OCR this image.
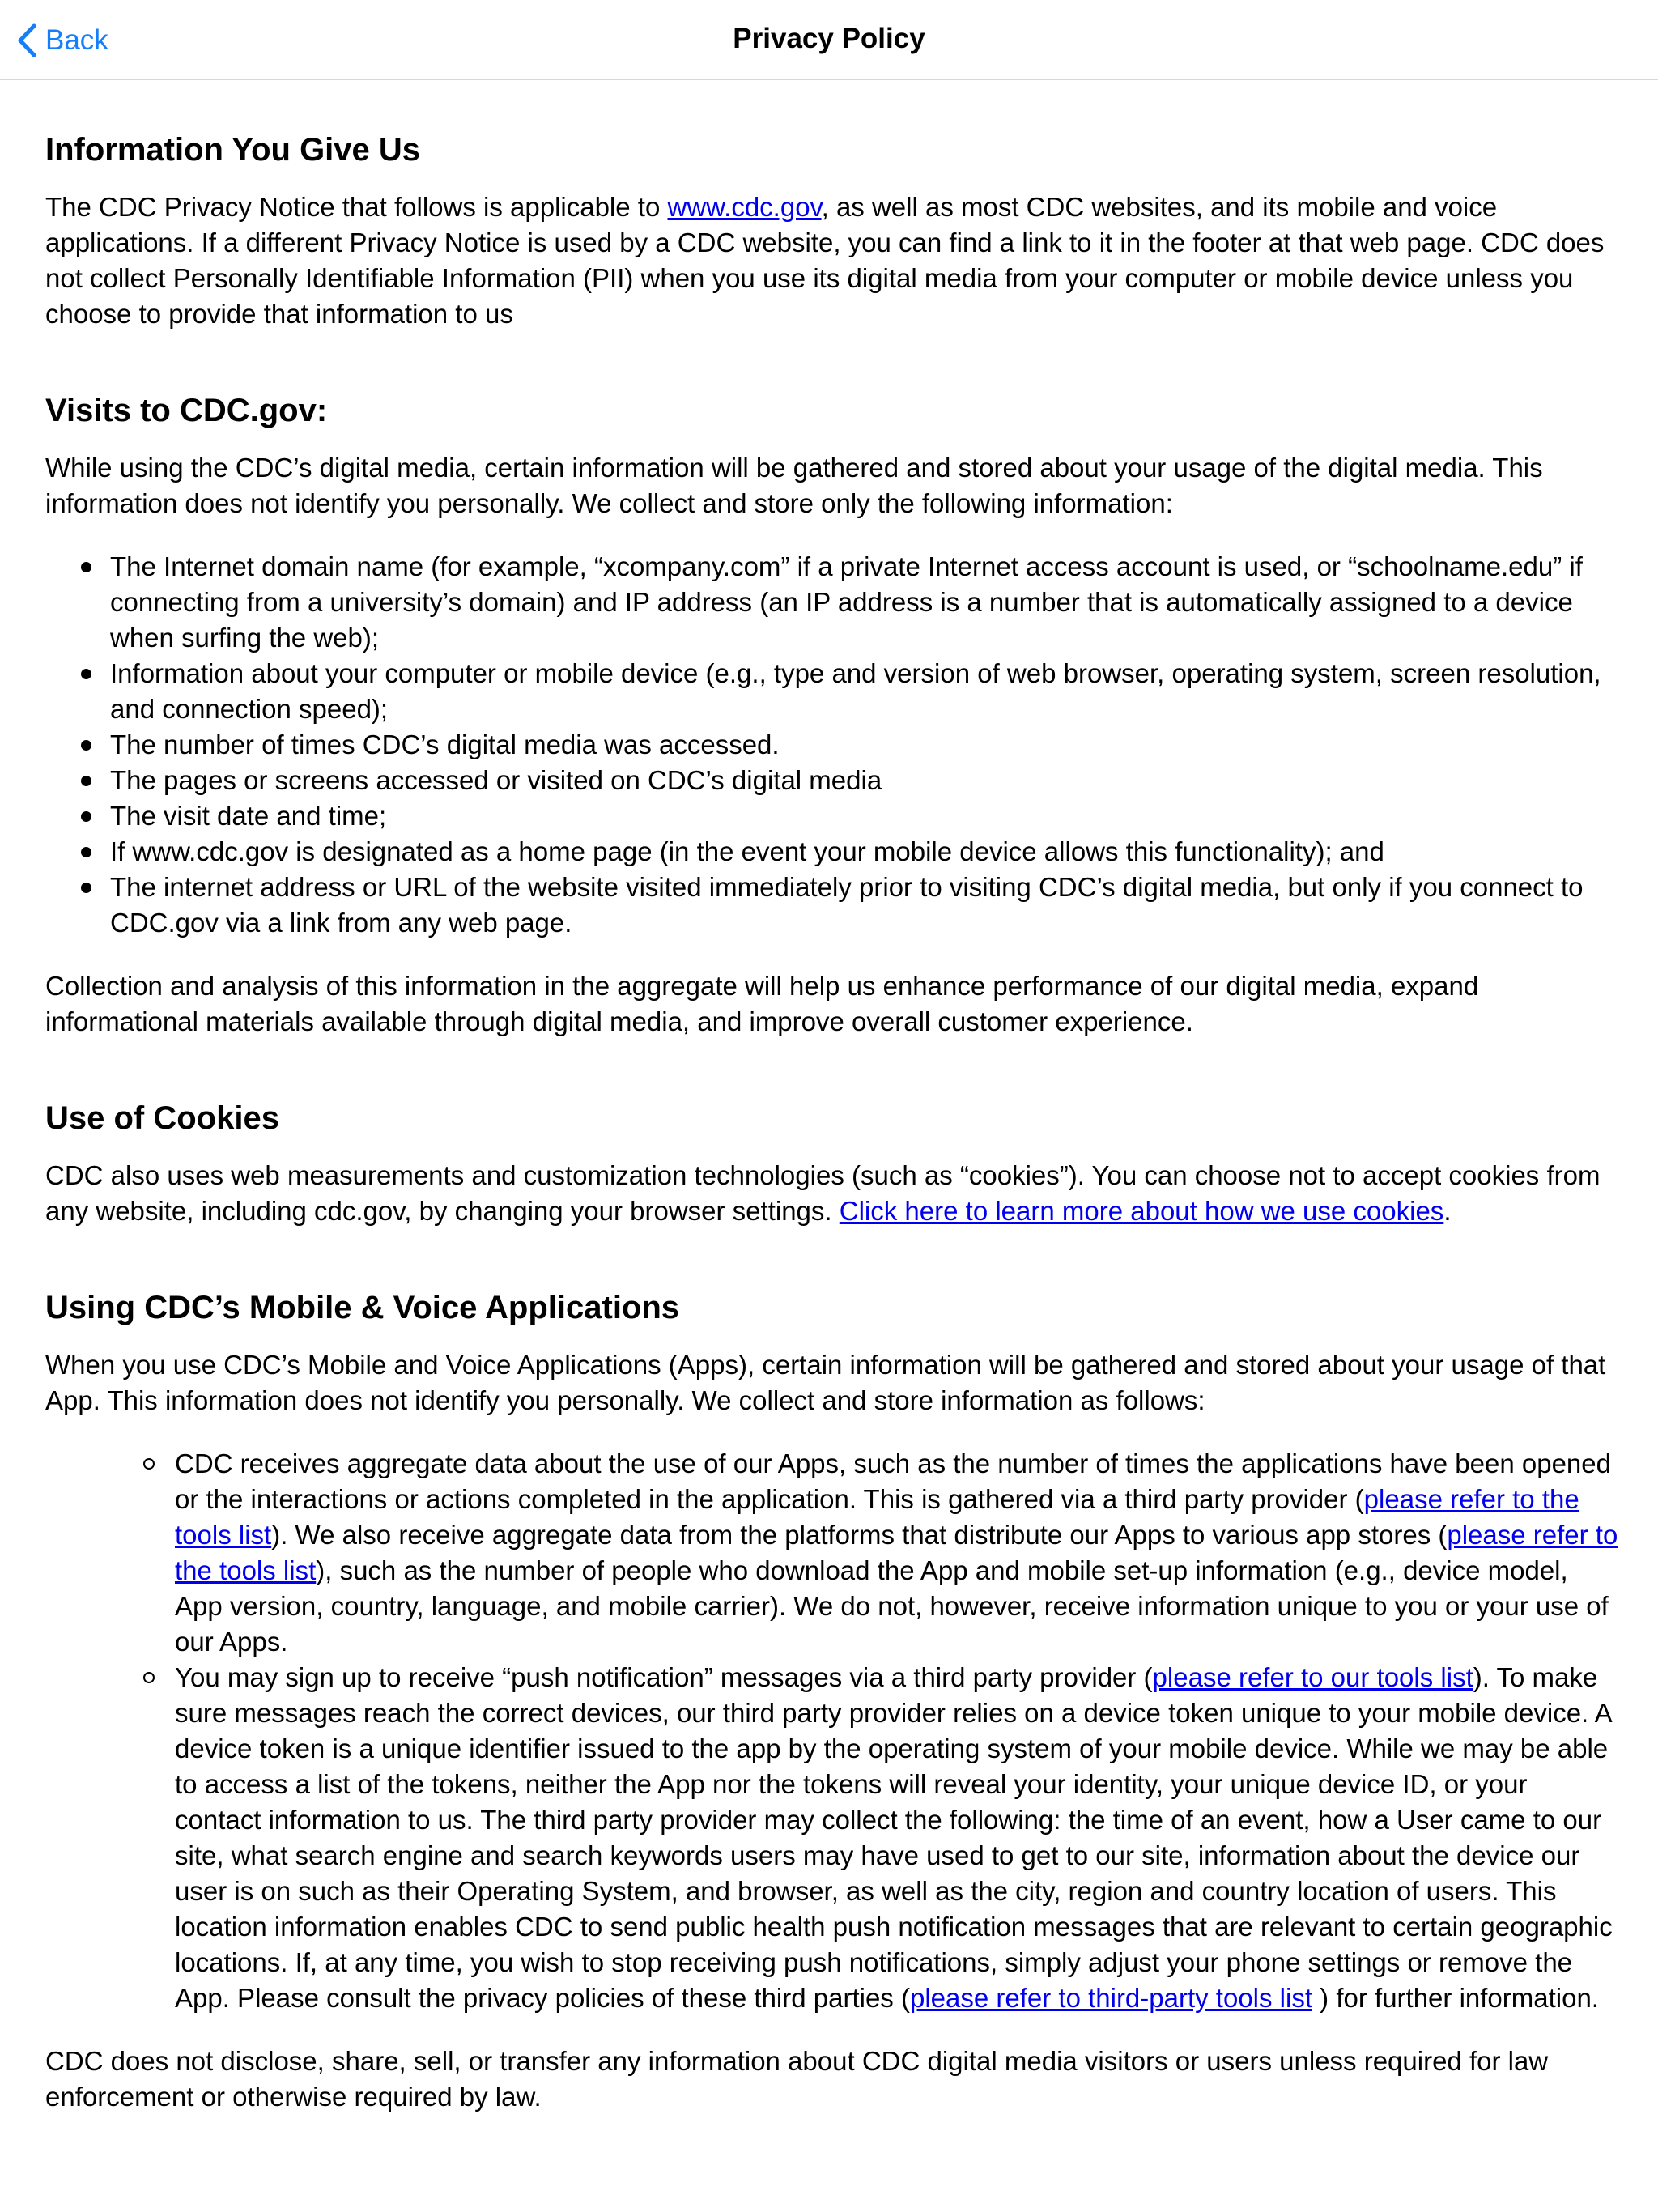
Back	Privacy Policy
Information You Give Us

The CDC Privacy Notice that follows is applicable to www.cdc.gov, as well as most CDC websites, and its mobile and voice applications. If a different Privacy Notice is used by a CDC website, you can find a link to it in the footer at that web page. CDC does not collect Personally Identifiable Information (PII) when you use its digital media from your computer or mobile device unless you choose to provide that information to us

Visits to CDC.gov:

While using the CDC’s digital media, certain information will be gathered and stored about your usage of the digital media. This information does not identify you personally. We collect and store only the following information:

The Internet domain name (for example, “xcompany.com” if a private Internet access account is used, or “schoolname.edu” if connecting from a university’s domain) and IP address (an IP address is a number that is automatically assigned to a device when surfing the web);
Information about your computer or mobile device (e.g., type and version of web browser, operating system, screen resolution, and connection speed);
The number of times CDC’s digital media was accessed.
The pages or screens accessed or visited on CDC’s digital media
The visit date and time;
If www.cdc.gov is designated as a home page (in the event your mobile device allows this functionality); and
The internet address or URL of the website visited immediately prior to visiting CDC’s digital media, but only if you connect to CDC.gov via a link from any web page.

Collection and analysis of this information in the aggregate will help us enhance performance of our digital media, expand informational materials available through digital media, and improve overall customer experience.

Use of Cookies

CDC also uses web measurements and customization technologies (such as “cookies”). You can choose not to accept cookies from any website, including cdc.gov, by changing your browser settings. Click here to learn more about how we use cookies.

Using CDC’s Mobile & Voice Applications

When you use CDC’s Mobile and Voice Applications (Apps), certain information will be gathered and stored about your usage of that App. This information does not identify you personally. We collect and store information as follows:

CDC receives aggregate data about the use of our Apps, such as the number of times the applications have been opened or the interactions or actions completed in the application. This is gathered via a third party provider (please refer to the tools list). We also receive aggregate data from the platforms that distribute our Apps to various app stores (please refer to the tools list), such as the number of people who download the App and mobile set-up information (e.g., device model, App version, country, language, and mobile carrier). We do not, however, receive information unique to you or your use of our Apps.
You may sign up to receive “push notification” messages via a third party provider (please refer to our tools list). To make sure messages reach the correct devices, our third party provider relies on a device token unique to your mobile device. A device token is a unique identifier issued to the app by the operating system of your mobile device. While we may be able to access a list of the tokens, neither the App nor the tokens will reveal your identity, your unique device ID, or your contact information to us. The third party provider may collect the following: the time of an event, how a User came to our site, what search engine and search keywords users may have used to get to our site, information about the device our user is on such as their Operating System, and browser, as well as the city, region and country location of users. This location information enables CDC to send public health push notification messages that are relevant to certain geographic locations. If, at any time, you wish to stop receiving push notifications, simply adjust your phone settings or remove the App. Please consult the privacy policies of these third parties (please refer to third-party tools list ) for further information.

CDC does not disclose, share, sell, or transfer any information about CDC digital media visitors or users unless required for law enforcement or otherwise required by law.
